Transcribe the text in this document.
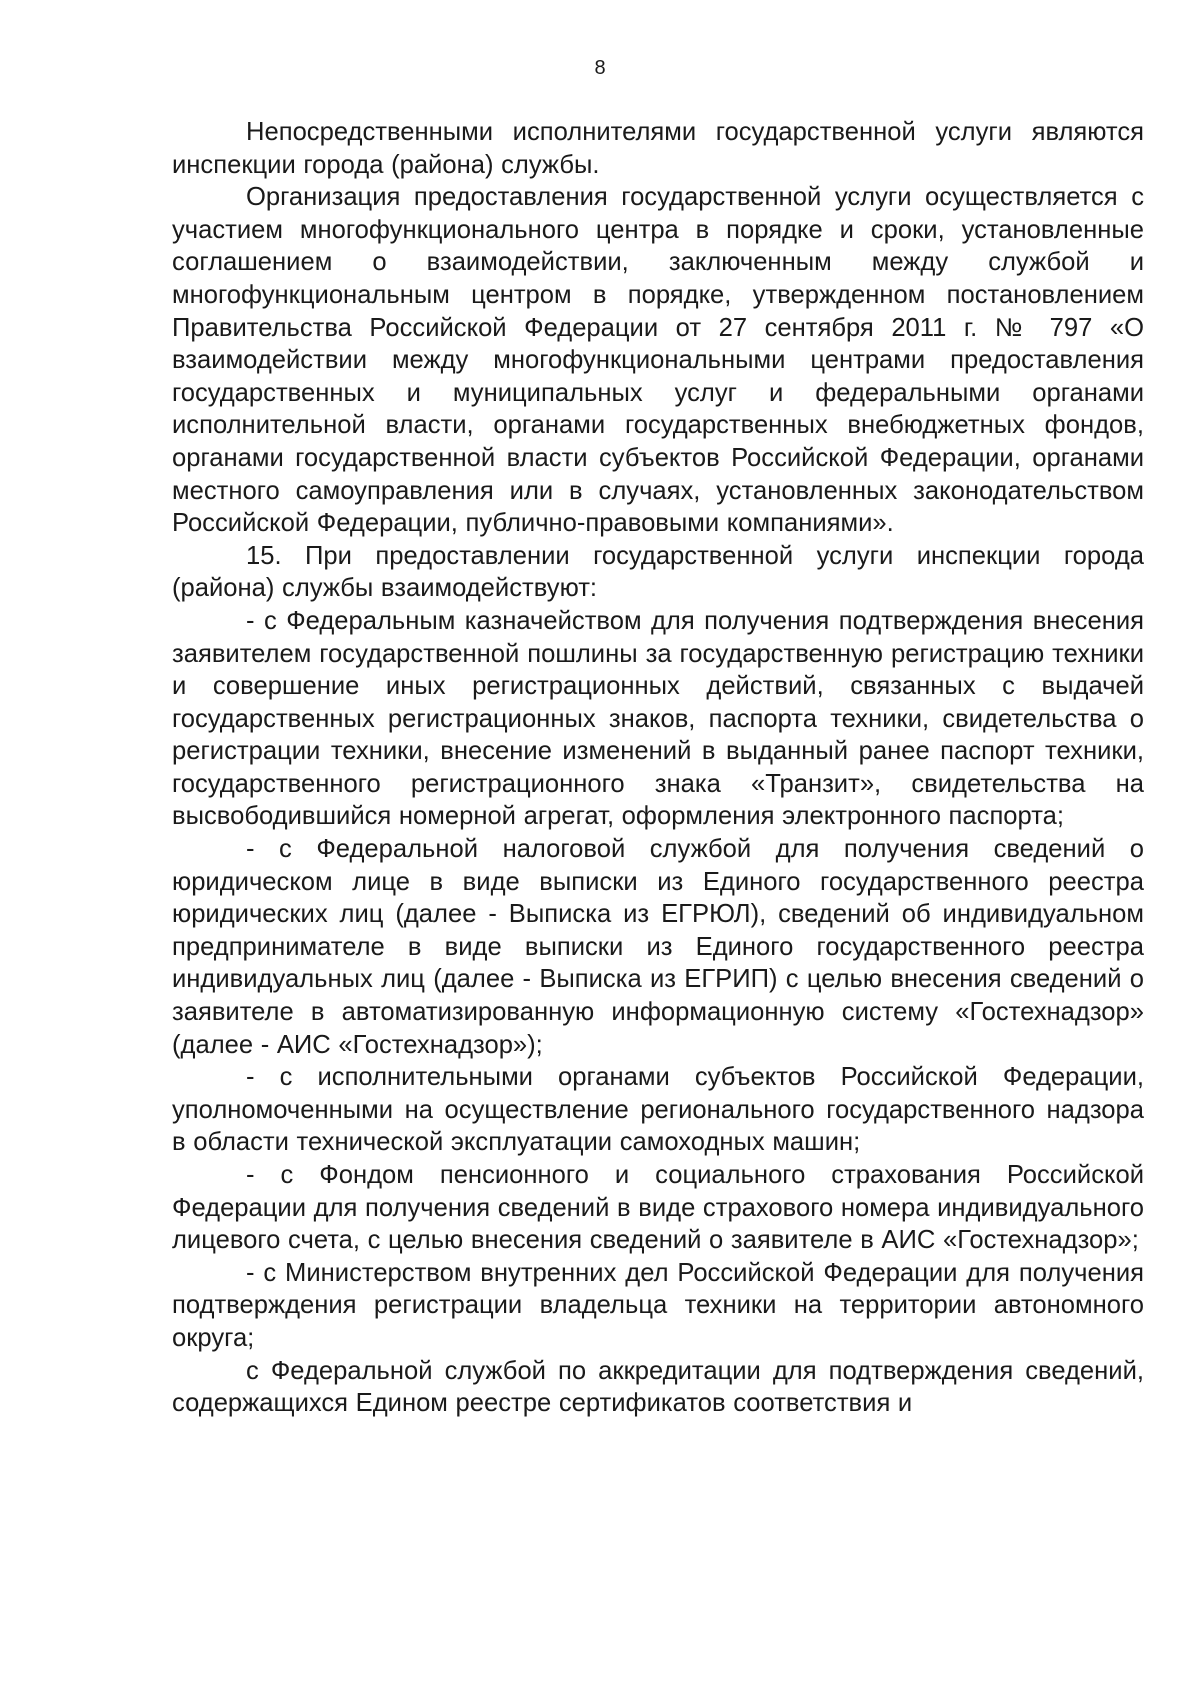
8

Непосредственными исполнителями государственной услуги являются инспекции города (района) службы.

Организация предоставления государственной услуги осуществляется с участием многофункционального центра в порядке и сроки, установленные соглашением о взаимодействии, заключенным между службой и многофункциональным центром в порядке, утвержденном постановлением Правительства Российской Федерации от 27 сентября 2011 г. № 797 «О взаимодействии между многофункциональными центрами предоставления государственных и муниципальных услуг и федеральными органами исполнительной власти, органами государственных внебюджетных фондов, органами государственной власти субъектов Российской Федерации, органами местного самоуправления или в случаях, установленных законодательством Российской Федерации, публично-правовыми компаниями».

15. При предоставлении государственной услуги инспекции города (района) службы взаимодействуют:

- с Федеральным казначейством для получения подтверждения внесения заявителем государственной пошлины за государственную регистрацию техники и совершение иных регистрационных действий, связанных с выдачей государственных регистрационных знаков, паспорта техники, свидетельства о регистрации техники, внесение изменений в выданный ранее паспорт техники, государственного регистрационного знака «Транзит», свидетельства на высвободившийся номерной агрегат, оформления электронного паспорта;

- с Федеральной налоговой службой для получения сведений о юридическом лице в виде выписки из Единого государственного реестра юридических лиц (далее - Выписка из ЕГРЮЛ), сведений об индивидуальном предпринимателе в виде выписки из Единого государственного реестра индивидуальных лиц (далее - Выписка из ЕГРИП) с целью внесения сведений о заявителе в автоматизированную информационную систему «Гостехнадзор» (далее - АИС «Гостехнадзор»);

- с исполнительными органами субъектов Российской Федерации, уполномоченными на осуществление регионального государственного надзора в области технической эксплуатации самоходных машин;

- с Фондом пенсионного и социального страхования Российской Федерации для получения сведений в виде страхового номера индивидуального лицевого счета, с целью внесения сведений о заявителе в АИС «Гостехнадзор»;

- с Министерством внутренних дел Российской Федерации для получения подтверждения регистрации владельца техники на территории автономного округа;

с Федеральной службой по аккредитации для подтверждения сведений, содержащихся Едином реестре сертификатов соответствия и
